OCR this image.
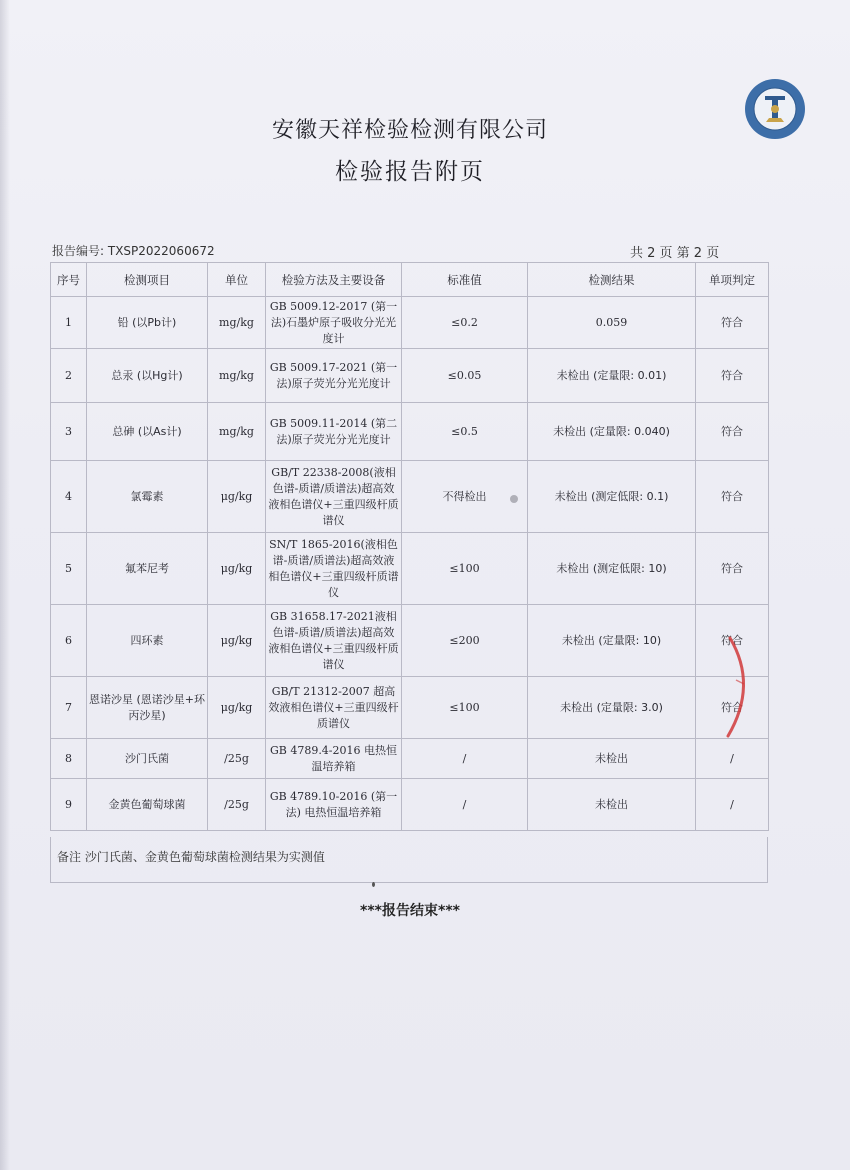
安徽天祥检验检测有限公司
检验报告附页
报告编号: TXSP2022060672	共 2 页 第 2 页
序号	检测项目	单位	检验方法及主要设备	标准值	检测结果	单项判定
1	铅 (以Pb计)	mg/kg	GB 5009.12-2017 (第一法)石墨炉原子吸收分光光度计	≤0.2	0.059	符合
2	总汞 (以Hg计)	mg/kg	GB 5009.17-2021 (第一法)原子荧光分光光度计	≤0.05	未检出 (定量限: 0.01)	符合
3	总砷 (以As计)	mg/kg	GB 5009.11-2014 (第二法)原子荧光分光光度计	≤0.5	未检出 (定量限: 0.040)	符合
4	氯霉素	μg/kg	GB/T 22338-2008(液相色谱-质谱/质谱法)超高效液相色谱仪+三重四级杆质谱仪	不得检出	未检出 (测定低限: 0.1)	符合
5	氟苯尼考	μg/kg	SN/T 1865-2016(液相色谱-质谱/质谱法)超高效液相色谱仪+三重四级杆质谱仪	≤100	未检出 (测定低限: 10)	符合
6	四环素	μg/kg	GB 31658.17-2021液相色谱-质谱/质谱法)超高效液相色谱仪+三重四级杆质谱仪	≤200	未检出 (定量限: 10)	符合
7	恩诺沙星 (恩诺沙星+环丙沙星)	μg/kg	GB/T 21312-2007 超高效液相色谱仪+三重四级杆质谱仪	≤100	未检出 (定量限: 3.0)	符合
8	沙门氏菌	/25g	GB 4789.4-2016 电热恒温培养箱	/	未检出	/
9	金黄色葡萄球菌	/25g	GB 4789.10-2016 (第一法) 电热恒温培养箱	/	未检出	/
备注 沙门氏菌、金黄色葡萄球菌检测结果为实测值
***报告结束***
